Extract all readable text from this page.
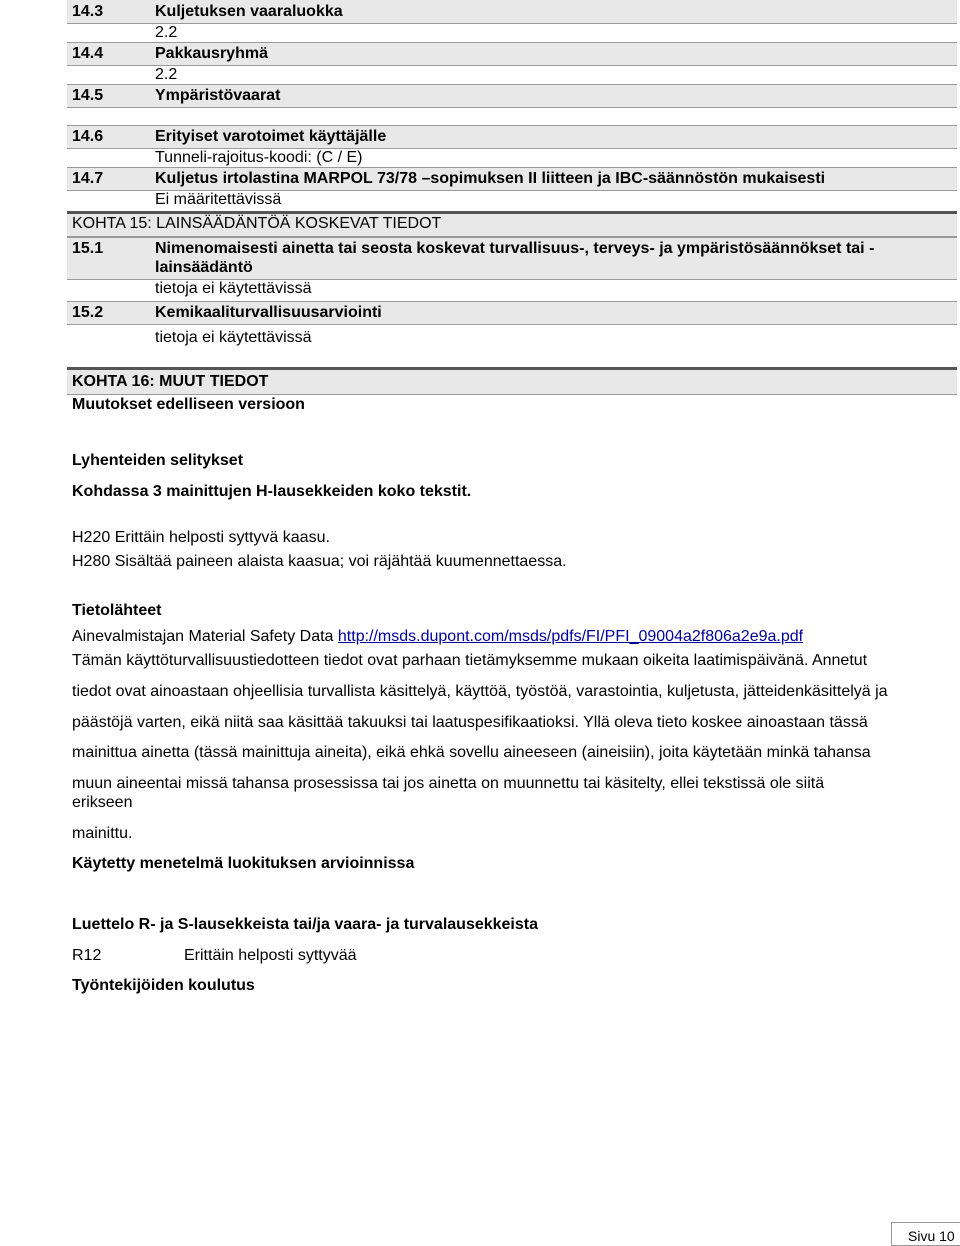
14.3	Kuljetuksen vaaraluokka
2.2
14.4	Pakkausryhmä
2.2
14.5	Ympäristövaarat
14.6	Erityiset varotoimet käyttäjälle
Tunneli-rajoitus-koodi: (C / E)
14.7	Kuljetus irtolastina MARPOL 73/78 –sopimuksen II liitteen ja IBC-säännöstön mukaisesti
Ei määritettävissä
KOHTA 15: LAINSÄÄDÄNTÖÄ KOSKEVAT TIEDOT
15.1	Nimenomaisesti ainetta tai seosta koskevat turvallisuus-, terveys- ja ympäristösäännökset tai -
lainsäädäntö
tietoja ei käytettävissä
15.2	Kemikaaliturvallisuusarviointi
tietoja ei käytettävissä
KOHTA 16: MUUT TIEDOT
Muutokset edelliseen versioon
Lyhenteiden selitykset
Kohdassa 3 mainittujen H-lausekkeiden koko tekstit.
H220 Erittäin helposti syttyvä kaasu.
H280 Sisältää paineen alaista kaasua; voi räjähtää kuumennettaessa.
Tietolähteet
Ainevalmistajan Material Safety Data http://msds.dupont.com/msds/pdfs/FI/PFI_09004a2f806a2e9a.pdf
Tämän käyttöturvallisuustiedotteen tiedot ovat parhaan tietämyksemme mukaan oikeita laatimispäivänä. Annetut
tiedot ovat ainoastaan ohjeellisia turvallista käsittelyä, käyttöä, työstöä, varastointia, kuljetusta, jätteidenkäsittelyä ja
päästöjä varten, eikä niitä saa käsittää takuuksi tai laatuspesifikaatioksi. Yllä oleva tieto koskee ainoastaan tässä
mainittua ainetta (tässä mainittuja aineita), eikä ehkä sovellu aineeseen (aineisiin), joita käytetään minkä tahansa
muun aineentai missä tahansa prosessissa tai jos ainetta on muunnettu tai käsitelty, ellei tekstissä ole siitä
erikseen
mainittu.
Käytetty menetelmä luokituksen arvioinnissa
Luettelo R- ja S-lausekkeista tai/ja vaara- ja turvalausekkeista
R12	Erittäin helposti syttyvää
Työntekijöiden koulutus
Sivu 10
